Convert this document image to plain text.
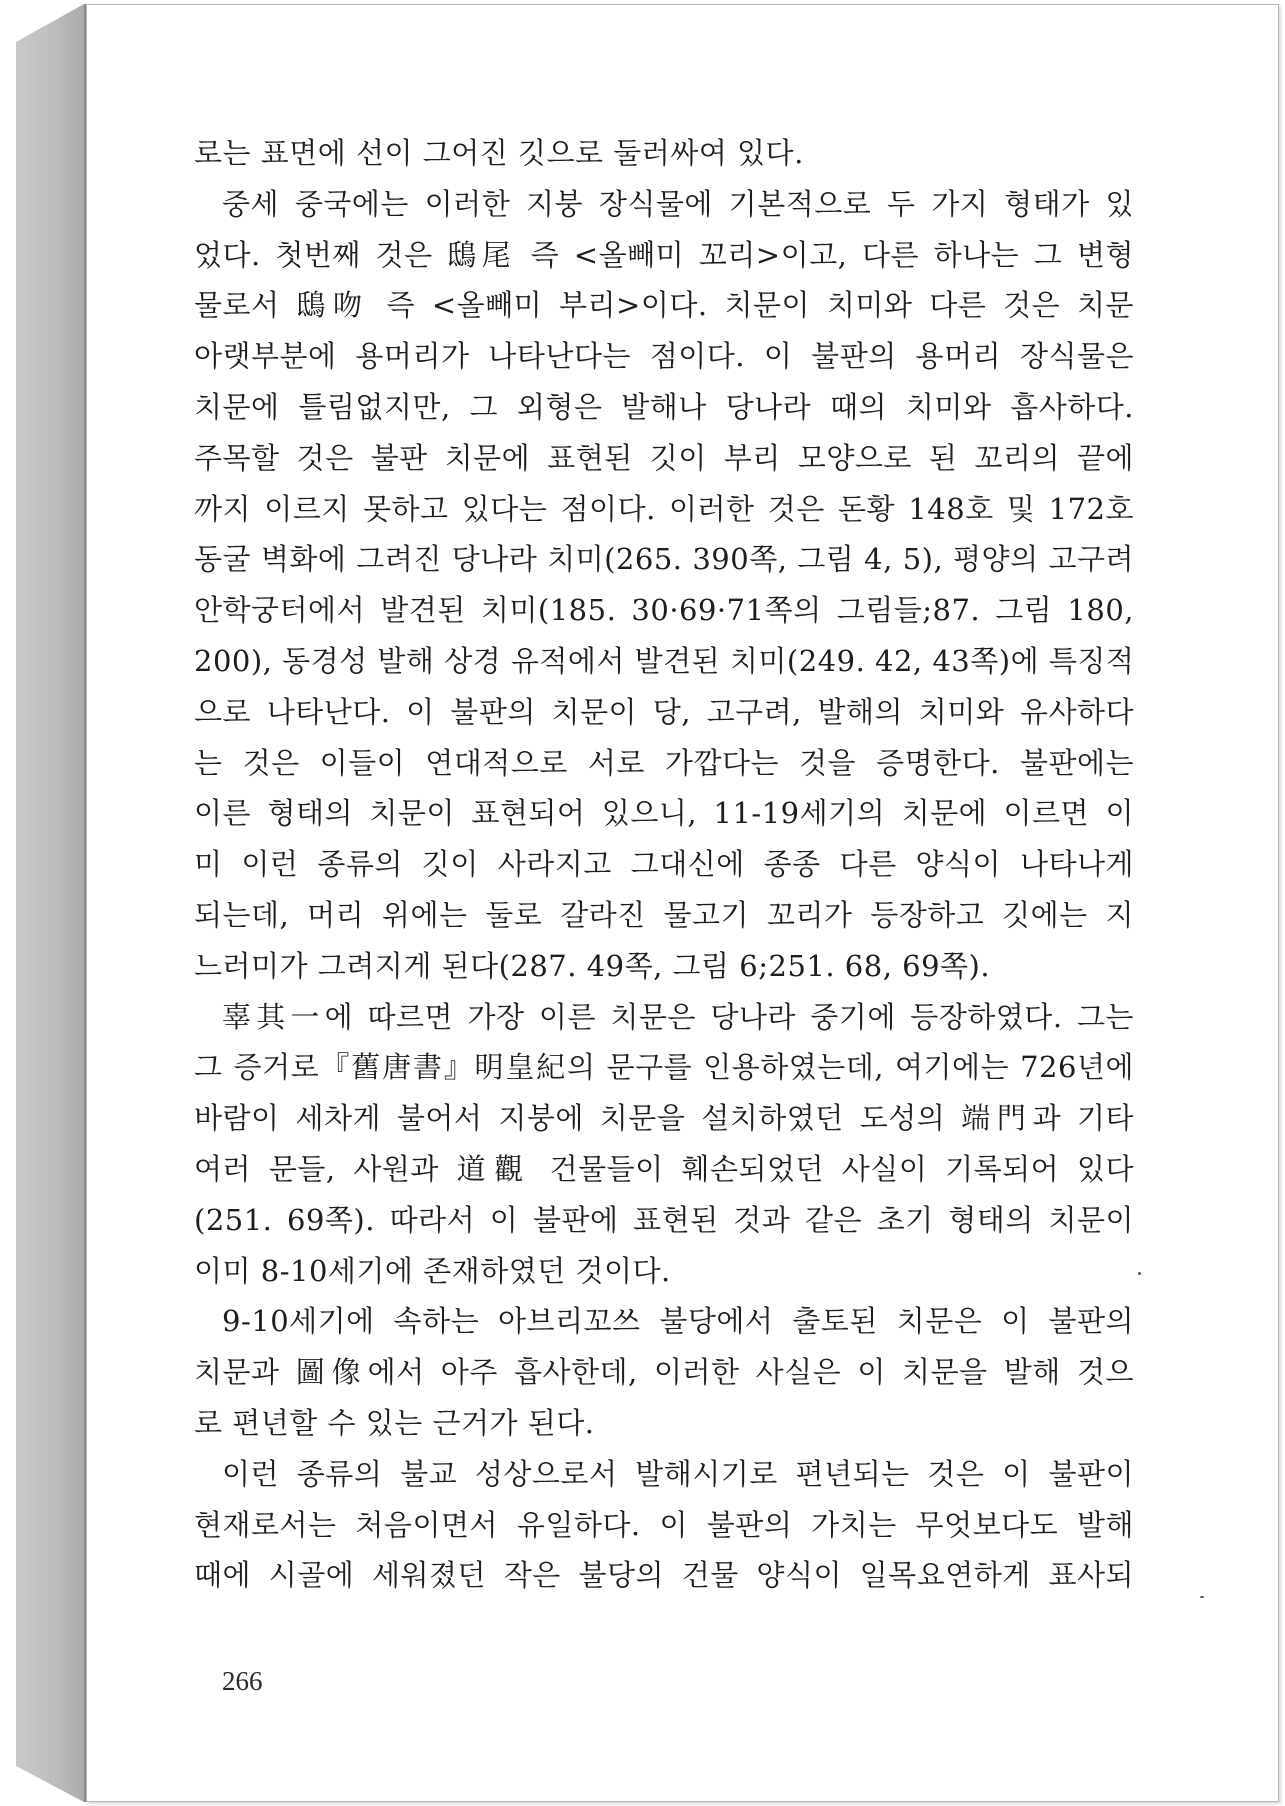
로는 표면에 선이 그어진 깃으로 둘러싸여 있다.
중세 중국에는 이러한 지붕 장식물에 기본적으로 두 가지 형태가 있
었다. 첫번째 것은 鴟尾 즉 <올빼미 꼬리>이고, 다른 하나는 그 변형
물로서 鴟吻 즉 <올빼미 부리>이다. 치문이 치미와 다른 것은 치문
아랫부분에 용머리가 나타난다는 점이다. 이 불판의 용머리 장식물은
치문에 틀림없지만, 그 외형은 발해나 당나라 때의 치미와 흡사하다.
주목할 것은 불판 치문에 표현된 깃이 부리 모양으로 된 꼬리의 끝에
까지 이르지 못하고 있다는 점이다. 이러한 것은 돈황 148호 및 172호
동굴 벽화에 그려진 당나라 치미(265. 390쪽, 그림 4, 5), 평양의 고구려
안학궁터에서 발견된 치미(185. 30·69·71쪽의 그림들;87. 그림 180,
200), 동경성 발해 상경 유적에서 발견된 치미(249. 42, 43쪽)에 특징적
으로 나타난다. 이 불판의 치문이 당, 고구려, 발해의 치미와 유사하다
는 것은 이들이 연대적으로 서로 가깝다는 것을 증명한다. 불판에는
이른 형태의 치문이 표현되어 있으니, 11-19세기의 치문에 이르면 이
미 이런 종류의 깃이 사라지고 그대신에 종종 다른 양식이 나타나게
되는데, 머리 위에는 둘로 갈라진 물고기 꼬리가 등장하고 깃에는 지
느러미가 그려지게 된다(287. 49쪽, 그림 6;251. 68, 69쪽).
辜其一에 따르면 가장 이른 치문은 당나라 중기에 등장하였다. 그는
그 증거로『舊唐書』明皇紀의 문구를 인용하였는데, 여기에는 726년에
바람이 세차게 불어서 지붕에 치문을 설치하였던 도성의 端門과 기타
여러 문들, 사원과 道觀 건물들이 훼손되었던 사실이 기록되어 있다
(251. 69쪽). 따라서 이 불판에 표현된 것과 같은 초기 형태의 치문이
이미 8-10세기에 존재하였던 것이다.
9-10세기에 속하는 아브리꼬쓰 불당에서 출토된 치문은 이 불판의
치문과 圖像에서 아주 흡사한데, 이러한 사실은 이 치문을 발해 것으
로 편년할 수 있는 근거가 된다.
이런 종류의 불교 성상으로서 발해시기로 편년되는 것은 이 불판이
현재로서는 처음이면서 유일하다. 이 불판의 가치는 무엇보다도 발해
때에 시골에 세워졌던 작은 불당의 건물 양식이 일목요연하게 표사되
266
